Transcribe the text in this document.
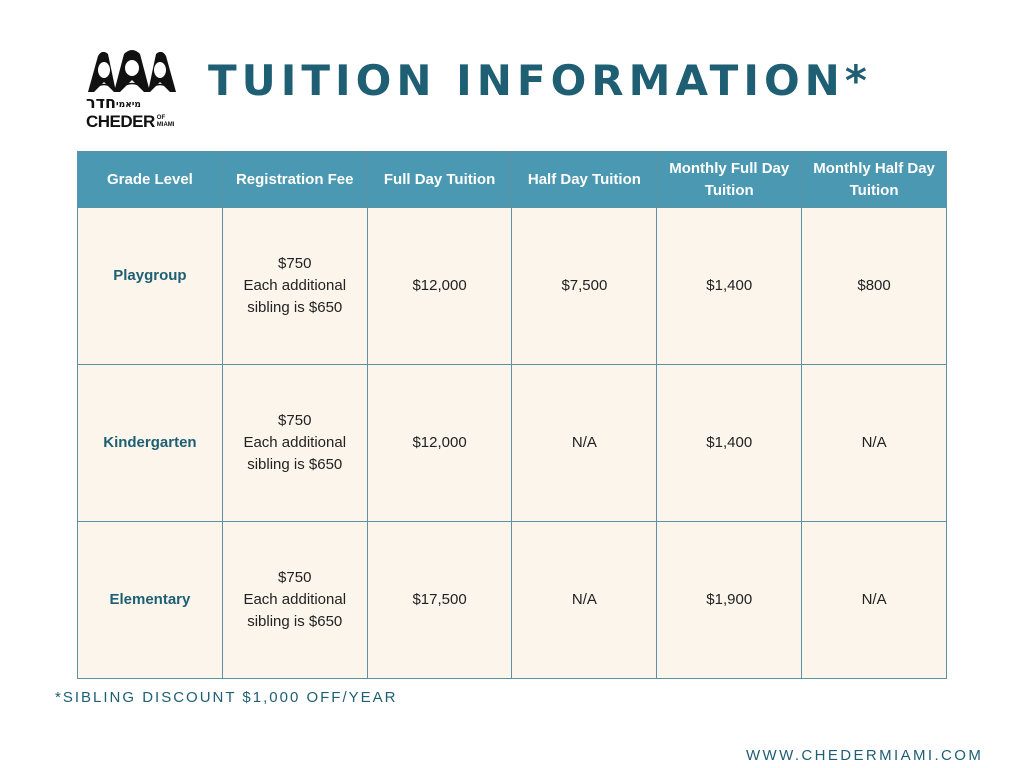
מיאמיחדר
CHEDER OF
MIAMI
TUITION INFORMATION*
Grade Level	Registration Fee	Full Day Tuition	Half Day Tuition	Monthly Full Day Tuition	Monthly Half Day Tuition
Playgroup	$750
Each additional
sibling is $650	$12,000	$7,500	$1,400	$800
Kindergarten	$750
Each additional
sibling is $650	$12,000	N/A	$1,400	N/A
Elementary	$750
Each additional
sibling is $650	$17,500	N/A	$1,900	N/A
*SIBLING DISCOUNT $1,000 OFF/YEAR
WWW.CHEDERMIAMI.COM
